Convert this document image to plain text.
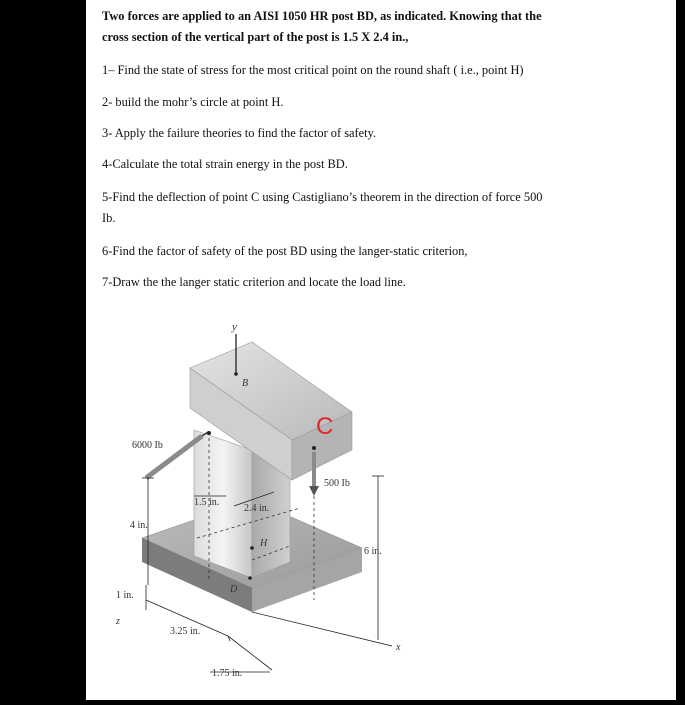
Two forces are applied to an AISI 1050 HR post BD, as indicated. Knowing that the
cross section of the vertical part of the post is 1.5 X 2.4 in.,
1– Find the state of stress for the most critical point on the round shaft ( i.e., point H)
2- build the mohr’s circle at point H.
3- Apply the failure theories to find the factor of safety.
4-Calculate the total strain energy in the post BD.
5-Find the deflection of point C using Castigliano’s theorem in the direction of force 500
Ib.
6-Find the factor of safety of the post BD using the langer-static criterion,
7-Draw the the langer static criterion and locate the load line.
y
B
C
6000 Ib
500 Ib
1.5 in.
2.4 in.
H
4 in.
6 in.
D
1 in.
z
x
3.25 in.
1.75 in.
